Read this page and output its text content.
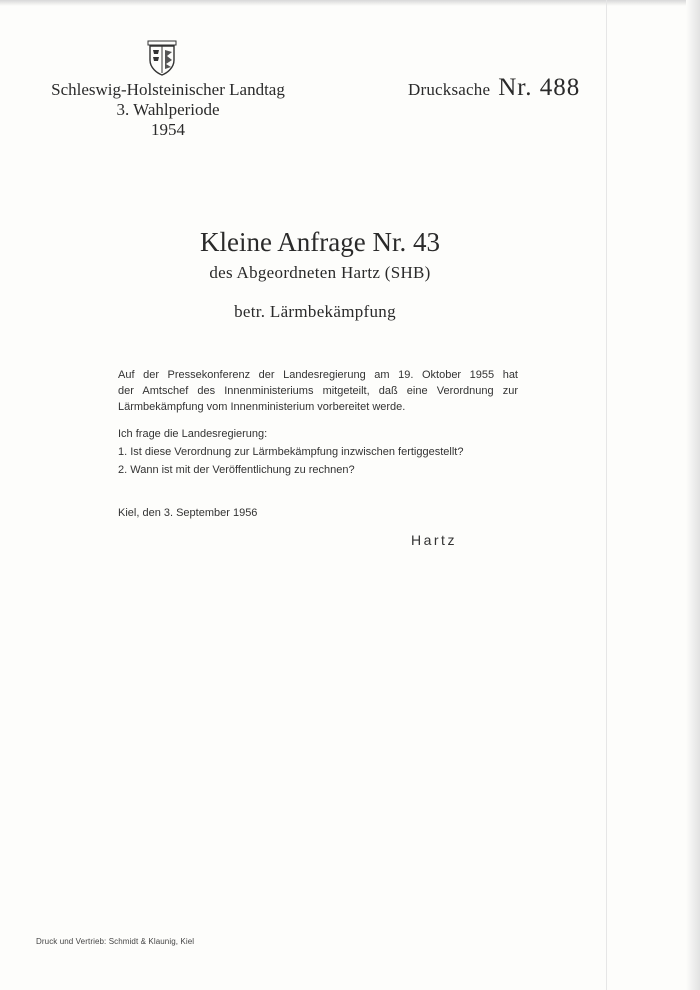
Schleswig-Holsteinischer Landtag
3. Wahlperiode
1954
Drucksache Nr. 488
Kleine Anfrage Nr. 43
des Abgeordneten Hartz (SHB)
betr. Lärmbekämpfung
Auf der Pressekonferenz der Landesregierung am 19. Oktober 1955 hat
der Amtschef des Innenministeriums mitgeteilt, daß eine Verordnung zur
Lärmbekämpfung vom Innenministerium vorbereitet werde.
Ich frage die Landesregierung:
1. Ist diese Verordnung zur Lärmbekämpfung inzwischen fertiggestellt?
2. Wann ist mit der Veröffentlichung zu rechnen?
Kiel, den 3. September 1956
Hartz
Druck und Vertrieb: Schmidt & Klaunig, Kiel
